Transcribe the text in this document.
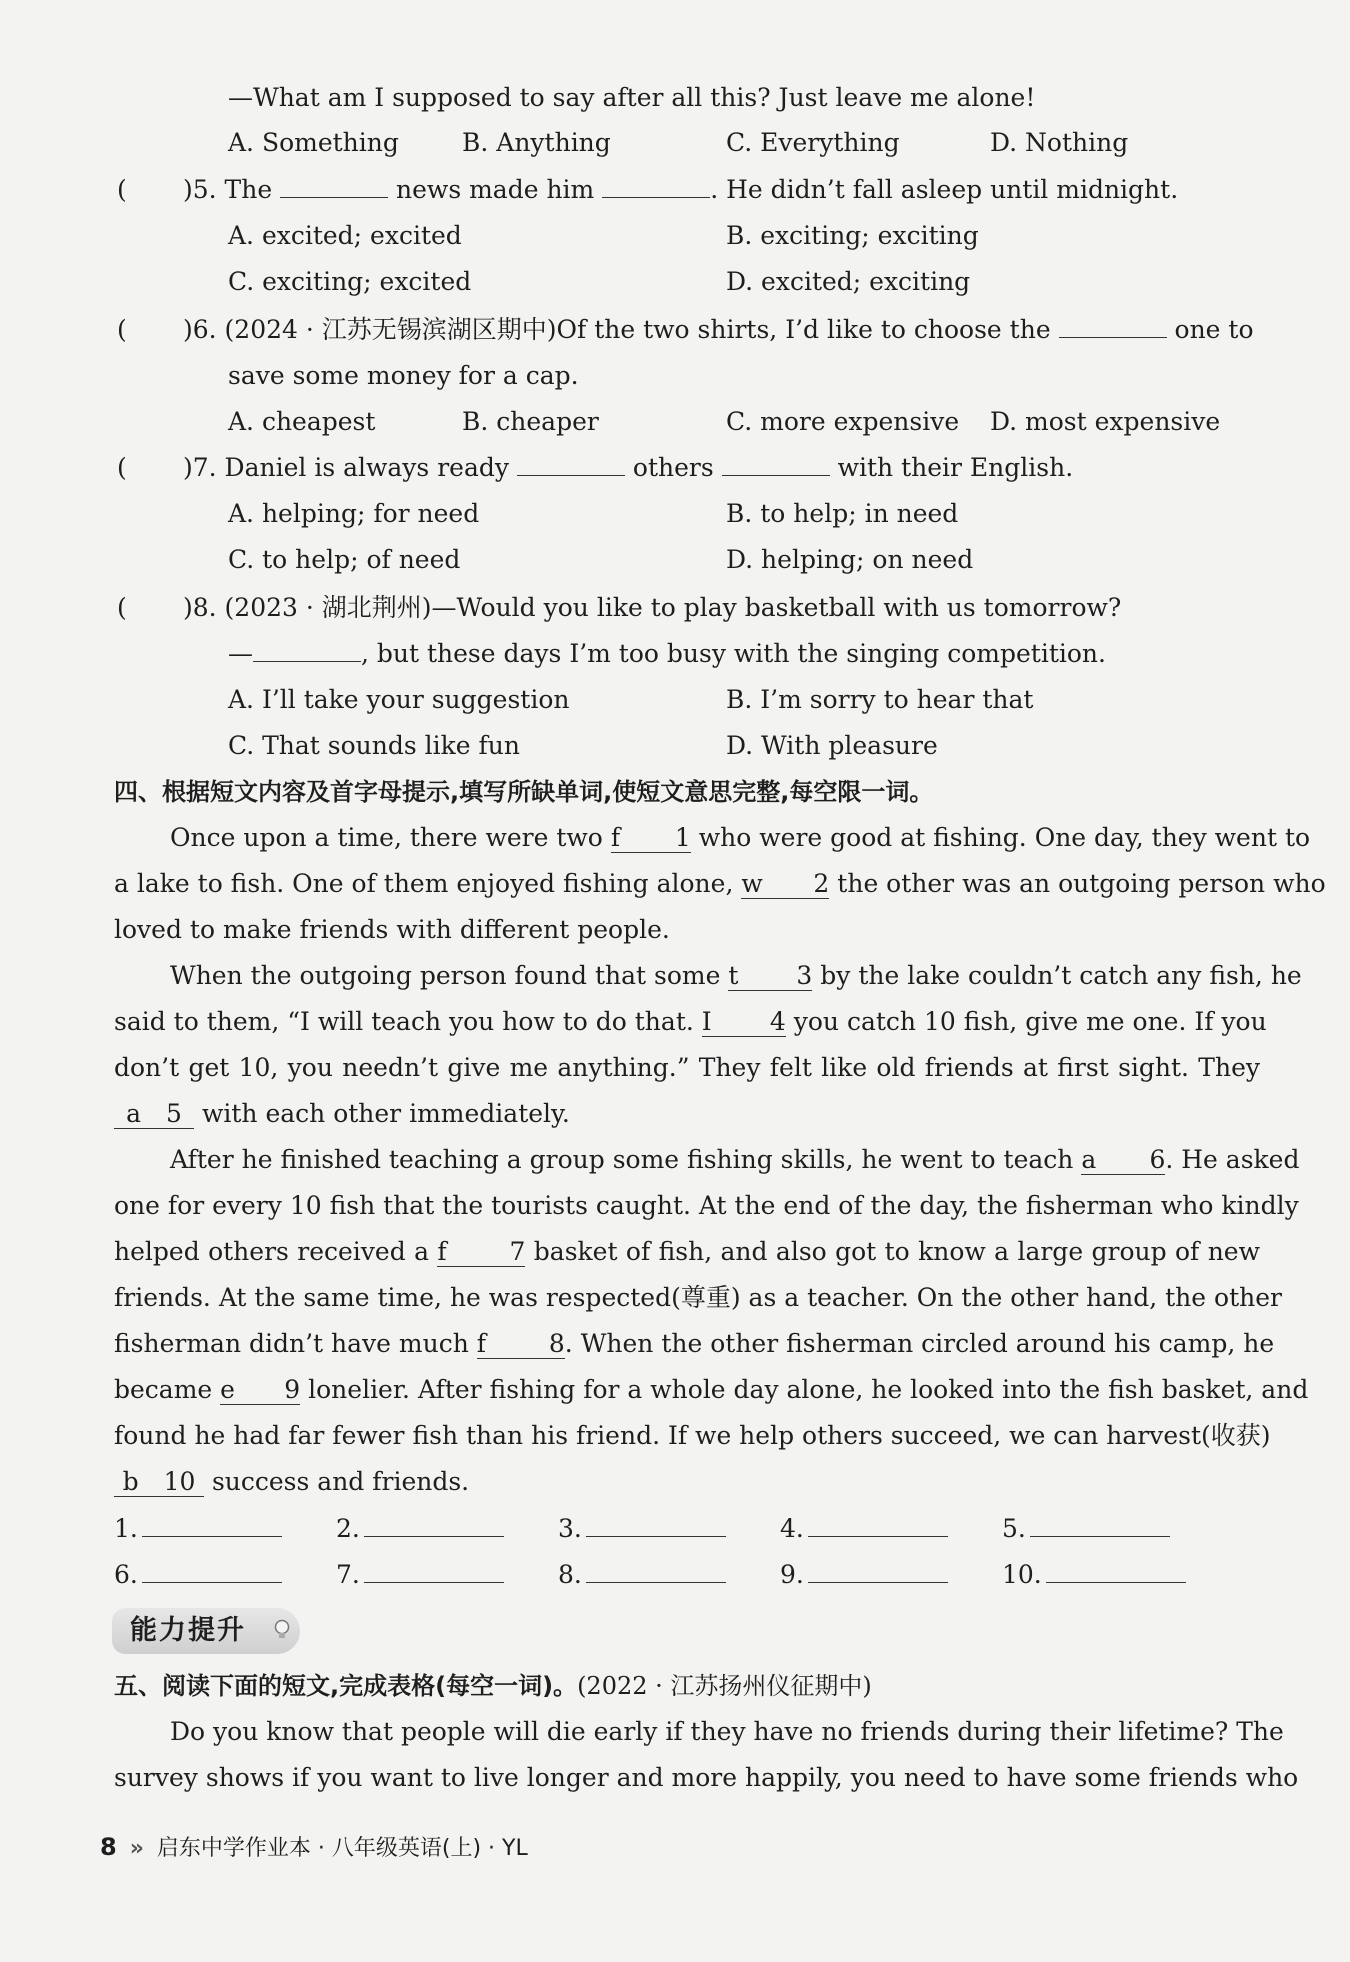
—What am I supposed to say after all this? Just leave me alone!
A. Something	B. Anything	C. Everything	D. Nothing
( )5. The	news made him	. He didn’t fall asleep until midnight.
A. excited; excited	B. exciting; exciting
C. exciting; excited	D. excited; exciting
( )6. (2024 · 江苏无锡滨湖区期中)Of the two shirts, I’d like to choose the	one to
save some money for a cap.
A. cheapest	B. cheaper	C. more expensive D. most expensive
( )7. Daniel is always ready	others	with their English.
A. helping; for need	B. to help; in need
C. to help; of need	D. helping; on need
( )8. (2023 · 湖北荆州)—Would you like to play basketball with us tomorrow?
—	, but these days I’m too busy with the singing competition.
A. I’ll take your suggestion	B. I’m sorry to hear that
C. That sounds like fun	D. With pleasure
四、根据短文内容及首字母提示,填写所缺单词,使短文意思完整,每空限一词。
Once upon a time, there were two f　1 who were good at fishing. One day, they went to
a lake to fish. One of them enjoyed fishing alone, w　2 the other was an outgoing person who
loved to make friends with different people.
When the outgoing person found that some t　3 by the lake couldn’t catch any fish, he
said to them, “I will teach you how to do that. I　4 you catch 10 fish, give me one. If you
don’t get 10, you needn’t give me anything.” They felt like old friends at first sight. They
a　5 with each other immediately.
After he finished teaching a group some fishing skills, he went to teach a　6. He asked
one for every 10 fish that the tourists caught. At the end of the day, the fisherman who kindly
helped others received a f　7 basket of fish, and also got to know a large group of new
friends. At the same time, he was respected(尊重) as a teacher. On the other hand, the other
fisherman didn’t have much f　8. When the other fisherman circled around his camp, he
became e　9 lonelier. After fishing for a whole day alone, he looked into the fish basket, and
found he had far fewer fish than his friend. If we help others succeed, we can harvest(收获)
b　10 success and friends.
1.	2.	3.	4.	5.
6.	7.	8.	9.	10.
能力提升
五、阅读下面的短文,完成表格(每空一词)。(2022 · 江苏扬州仪征期中)
Do you know that people will die early if they have no friends during their lifetime? The
survey shows if you want to live longer and more happily, you need to have some friends who
8 » 启东中学作业本 · 八年级英语(上) · YL
